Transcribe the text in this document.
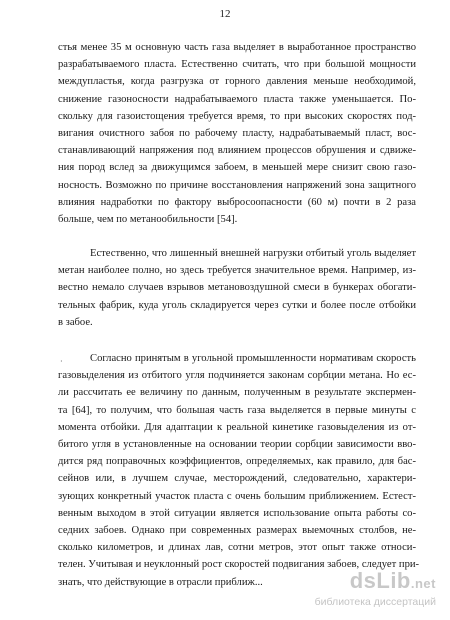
12
стья менее 35 м основную часть газа выделяет в выработанное пространство
разрабатываемого пласта. Естественно считать, что при большой мощности
междупластья, когда разгрузка от горного давления меньше необходимой,
снижение газоносности надрабатываемого пласта также уменьшается. По-
скольку для газоистощения требуется время, то при высоких скоростях под-
вигания очистного забоя по рабочему пласту, надрабатываемый пласт, вос-
станавливающий напряжения под влиянием процессов обрушения и сдвиже-
ния пород вслед за движущимся забоем, в меньшей мере снизит свою газо-
носность. Возможно по причине восстановления напряжений зона защитного
влияния надработки по фактору выбросоопасности (60 м) почти в 2 раза
больше, чем по метанообильности [54].
Естественно, что лишенный внешней нагрузки отбитый уголь выделяет
метан наиболее полно, но здесь требуется значительное время. Например, из-
вестно немало случаев взрывов метановоздушной смеси в бункерах обогати-
тельных фабрик, куда уголь складируется через сутки и более после отбойки
в забое.
·	Согласно принятым в угольной промышленности нормативам скорость
газовыделения из отбитого угля подчиняется законам сорбции метана. Но ес-
ли рассчитать ее величину по данным, полученным в результате экспермен-
та [64], то получим, что большая часть газа выделяется в первые минуты с
момента отбойки. Для адаптации к реальной кинетике газовыделения из от-
битого угля в установленные на основании теории сорбции зависимости вво-
дится ряд поправочных коэффициентов, определяемых, как правило, для бас-
сейнов или, в лучшем случае, месторождений, следовательно, характери-
зующих конкретный участок пласта с очень большим приближением. Естест-
венным выходом в этой ситуации является использование опыта работы со-
седних забоев. Однако при современных размерах выемочных столбов, не-
сколько километров, и длинах лав, сотни метров, этот опыт также относи-
телен. Учитывая и неуклонный рост скоростей подвигания забоев, следует при-
знать, что действующие в отрасли приближ...	dsLib.net
библиотека диссертаций
